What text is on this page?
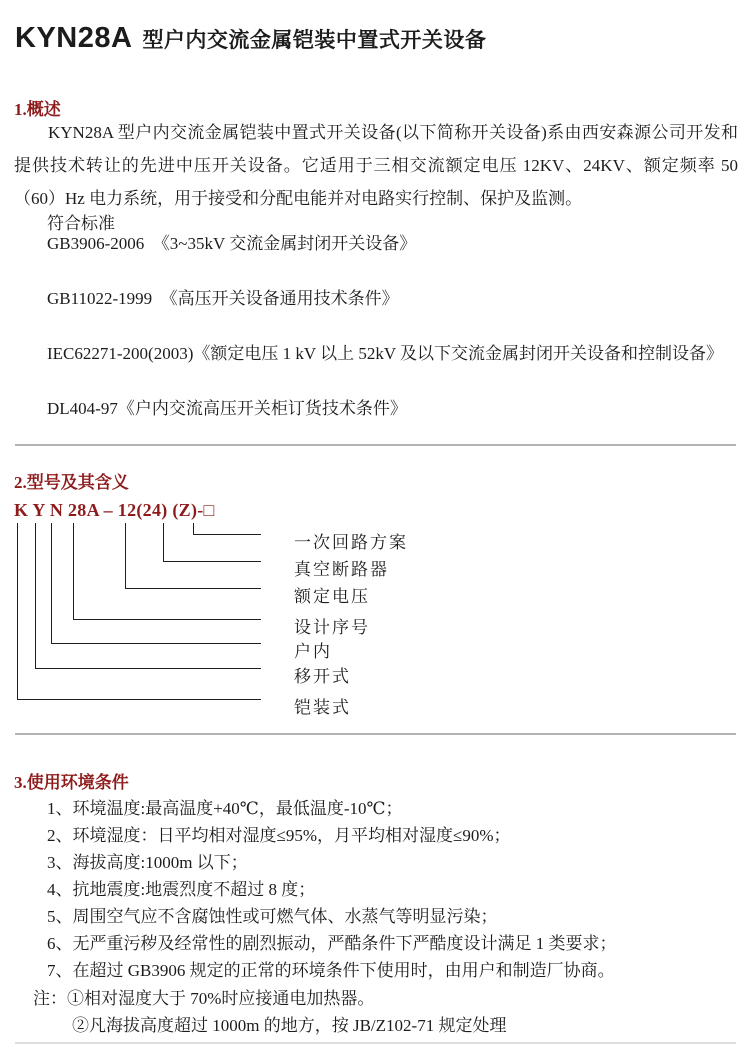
KYN28A 型户内交流金属铠装中置式开关设备
1.概述
KYN28A 型户内交流金属铠装中置式开关设备(以下简称开关设备)系由西安森源公司开发和提供技术转让的先进中压开关设备。它适用于三相交流额定电压 12KV、24KV、额定频率 50（60）Hz 电力系统，用于接受和分配电能并对电路实行控制、保护及监测。
符合标准
GB3906-2006  《3~35kV 交流金属封闭开关设备》
GB11022-1999  《高压开关设备通用技术条件》
IEC62271-200(2003)《额定电压 1 kV 以上 52kV 及以下交流金属封闭开关设备和控制设备》
DL404-97《户内交流高压开关柜订货技术条件》
2.型号及其含义
K Y N 28A – 12(24) (Z)-□
一次回路方案
真空断路器
额定电压
设计序号
户内
移开式
铠装式
3.使用环境条件
1、环境温度:最高温度+40℃，最低温度-10℃；
2、环境湿度：日平均相对湿度≤95%，月平均相对湿度≤90%；
3、海拔高度:1000m 以下；
4、抗地震度:地震烈度不超过 8 度；
5、周围空气应不含腐蚀性或可燃气体、水蒸气等明显污染；
6、无严重污秽及经常性的剧烈振动，严酷条件下严酷度设计满足 1 类要求；
7、在超过 GB3906 规定的正常的环境条件下使用时，由用户和制造厂协商。
注：①相对湿度大于 70%时应接通电加热器。
②凡海拔高度超过 1000m 的地方，按 JB/Z102-71 规定处理
